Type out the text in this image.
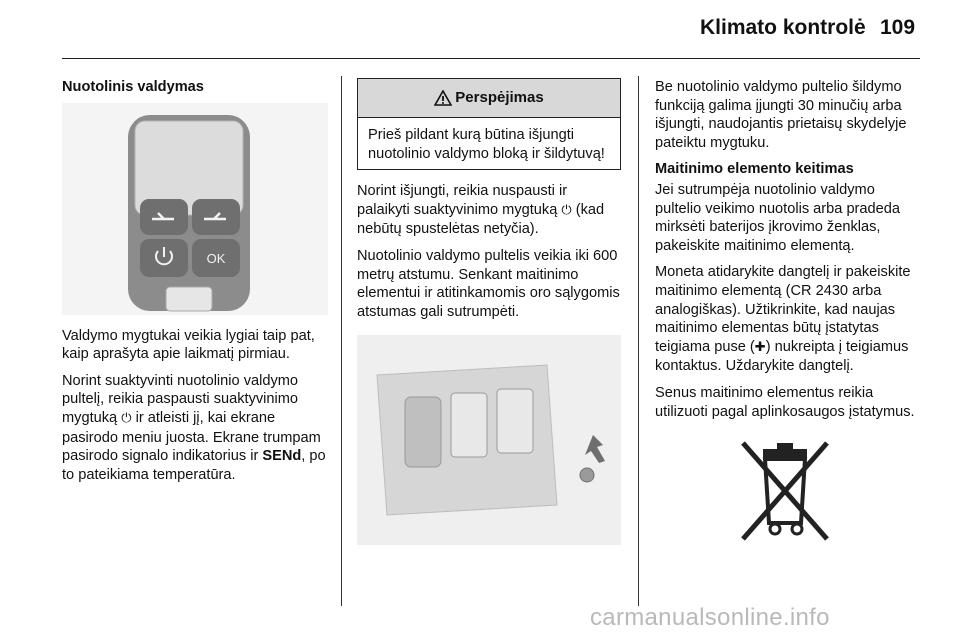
Klimato kontrolė 109
Nuotolinis valdymas
OK

Valdymo mygtukai veikia lygiai taip pat, kaip aprašyta apie laikmatį pirmiau.

Norint suaktyvinti nuotolinio valdymo pultelį, reikia paspausti suaktyvinimo mygtuką ⏻ ir atleisti jį, kai ekrane pasirodo meniu juosta. Ekrane trumpam pasirodo signalo indikatorius ir SENd, po to pateikiama temperatūra.

Perspėjimas
Prieš pildant kurą būtina išjungti nuotolinio valdymo bloką ir šildytuvą!

Norint išjungti, reikia nuspausti ir palaikyti suaktyvinimo mygtuką ⏻ (kad nebūtų spustelėtas netyčia).

Nuotolinio valdymo pultelis veikia iki 600 metrų atstumu. Senkant maitinimo elementui ir atitinkamomis oro sąlygomis atstumas gali sutrumpėti.

Be nuotolinio valdymo pultelio šildymo funkciją galima įjungti 30 minučių arba išjungti, naudojantis prietaisų skydelyje pateiktu mygtuku.

Maitinimo elemento keitimas

Jei sutrumpėja nuotolinio valdymo pultelio veikimo nuotolis arba pradeda mirksėti baterijos įkrovimo ženklas, pakeiskite maitinimo elementą.

Moneta atidarykite dangtelį ir pakeiskite maitinimo elementą (CR 2430 arba analogiškas). Užtikrinkite, kad naujas maitinimo elementas būtų įstatytas teigiama puse (✚) nukreipta į teigiamus kontaktus. Uždarykite dangtelį.

Senus maitinimo elementus reikia utilizuoti pagal aplinkosaugos įstatymus.

carmanualsonline.info
